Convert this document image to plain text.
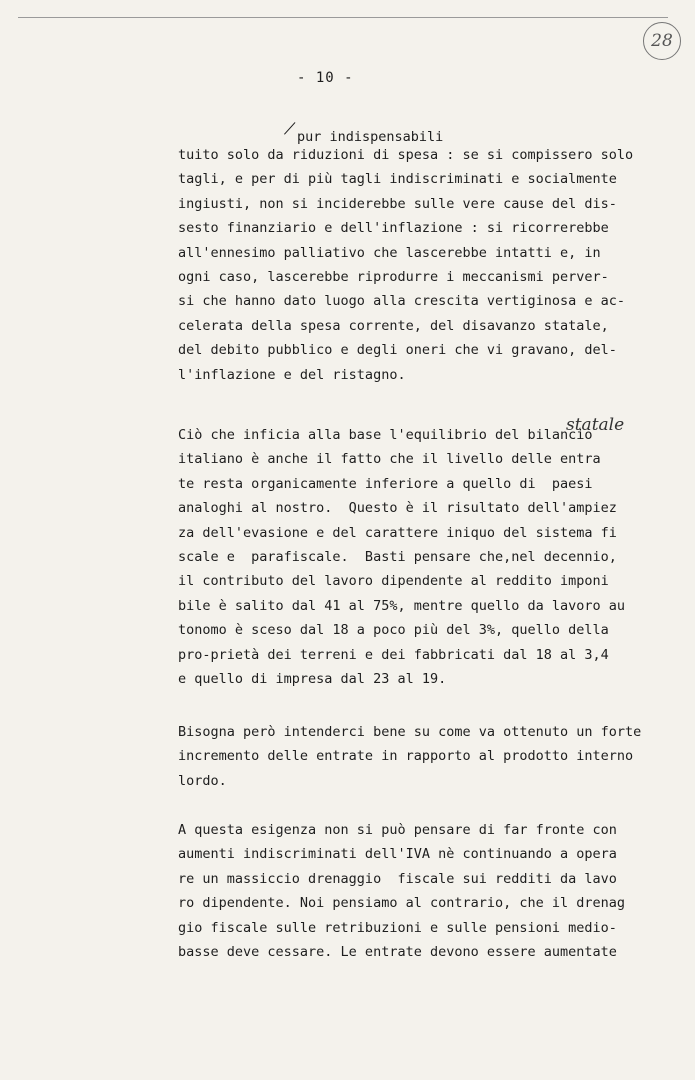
28
- 10 -
pur indispensabili
tuito solo da riduzioni di spesa : se si compissero solo
tagli, e per di più tagli indiscriminati e socialmente
ingiusti, non si inciderebbe sulle vere cause del dis-
sesto finanziario e dell'inflazione : si ricorrerebbe
all'ennesimo palliativo che lascerebbe intatti e, in
ogni caso, lascerebbe riprodurre i meccanismi perver-
si che hanno dato luogo alla crescita vertiginosa e ac-
celerata della spesa corrente, del disavanzo statale,
del debito pubblico e degli oneri che vi gravano, del-
l'inflazione e del ristagno.
Ciò che inficia alla base l'equilibrio del bilancio
italiano è anche il fatto che il livello delle entra
te resta organicamente inferiore a quello di  paesi
analoghi al nostro.  Questo è il risultato dell'ampiez
za dell'evasione e del carattere iniquo del sistema fi
scale e  parafiscale.  Basti pensare che,nel decennio,
il contributo del lavoro dipendente al reddito imponi
bile è salito dal 41 al 75%, mentre quello da lavoro au
tonomo è sceso dal 18 a poco più del 3%, quello della
pro-prietà dei terreni e dei fabbricati dal 18 al 3,4
e quello di impresa dal 23 al 19.
Bisogna però intenderci bene su come va ottenuto un forte
incremento delle entrate in rapporto al prodotto interno
lordo.
A questa esigenza non si può pensare di far fronte con
aumenti indiscriminati dell'IVA nè continuando a opera
re un massiccio drenaggio  fiscale sui redditi da lavo
ro dipendente. Noi pensiamo al contrario, che il drenag
gio fiscale sulle retribuzioni e sulle pensioni medio-
basse deve cessare. Le entrate devono essere aumentate
statale
